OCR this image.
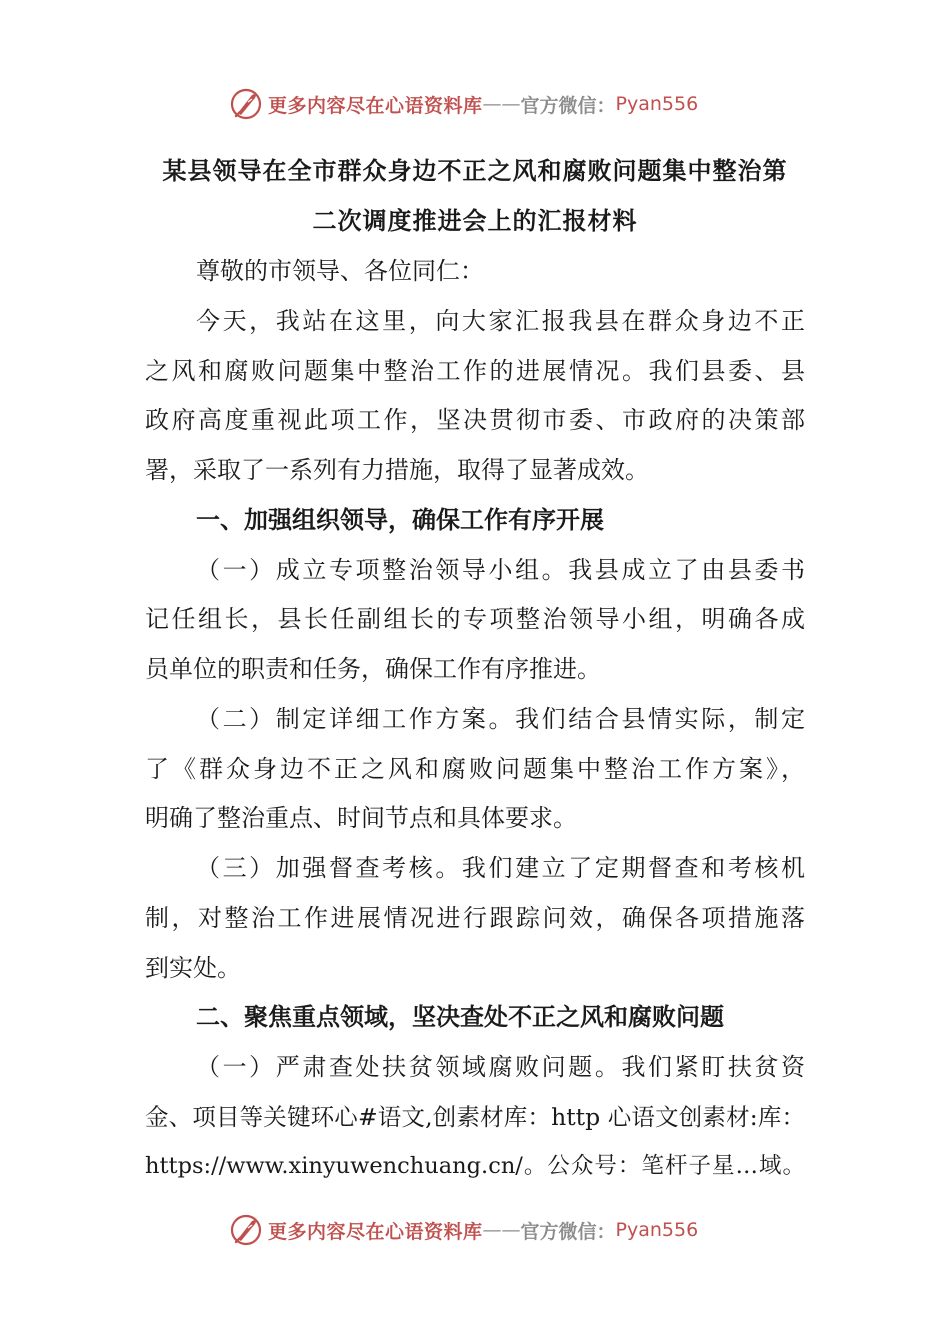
更多内容尽在心语资料库 — — 官方微信： Pyan556
某县领导在全市群众身边不正之风和腐败问题集中整治第
二次调度推进会上的汇报材料
尊敬的市领导、各位同仁：
今天，我站在这里，向大家汇报我县在群众身边不正
之风和腐败问题集中整治工作的进展情况。我们县委、县
政府高度重视此项工作，坚决贯彻市委、市政府的决策部
署，采取了一系列有力措施，取得了显著成效。
一、加强组织领导，确保工作有序开展
（一）成立专项整治领导小组。我县成立了由县委书
记任组长，县长任副组长的专项整治领导小组，明确各成
员单位的职责和任务，确保工作有序推进。
（二）制定详细工作方案。我们结合县情实际，制定
了《群众身边不正之风和腐败问题集中整治工作方案》，
明确了整治重点、时间节点和具体要求。
（三）加强督查考核。我们建立了定期督查和考核机
制，对整治工作进展情况进行跟踪问效，确保各项措施落
到实处。
二、聚焦重点领域，坚决查处不正之风和腐败问题
（一）严肃查处扶贫领域腐败问题。我们紧盯扶贫资
金、项目等关键环心#语文,创素材库：http 心语文创素材:库：
https://www.xinyuwenchuang.cn/。公众号：笔杆子星…域。
更多内容尽在心语资料库 — — 官方微信： Pyan556
